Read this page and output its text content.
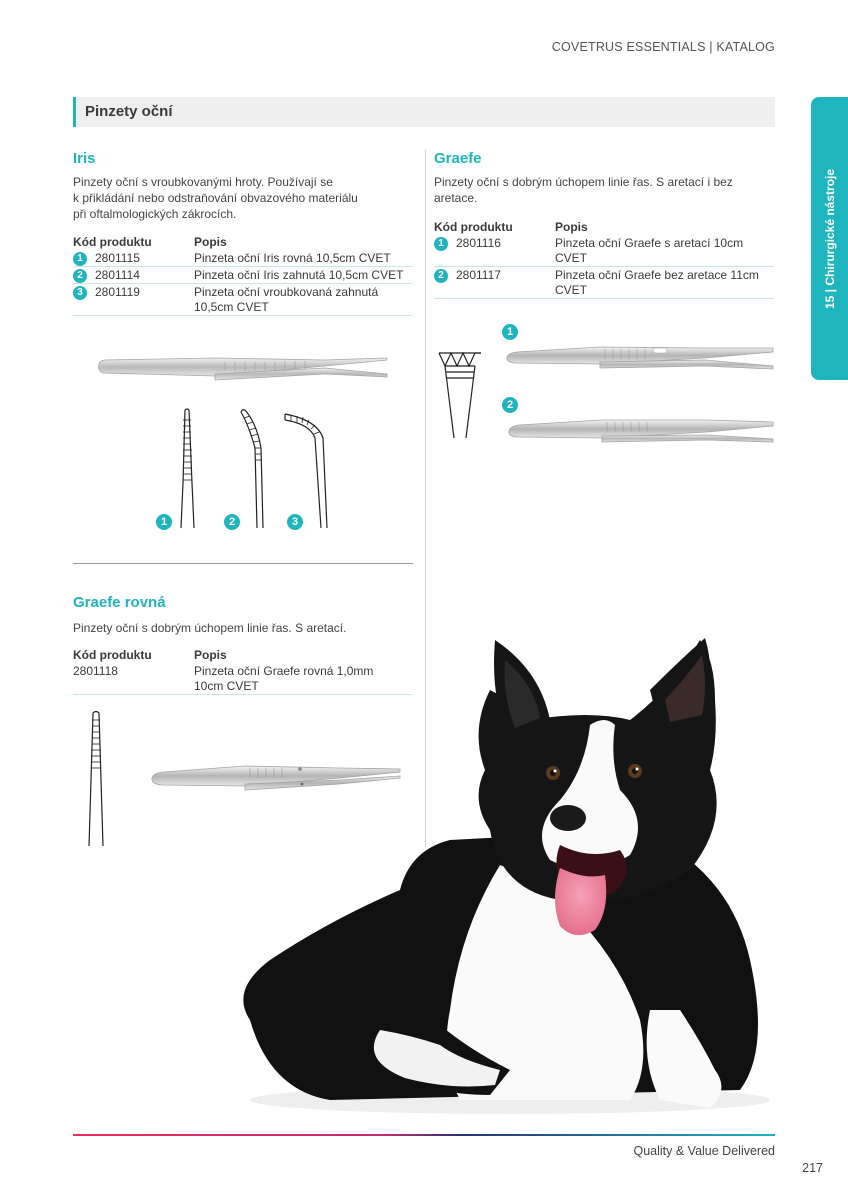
COVETRUS ESSENTIALS | KATALOG
Pinzety oční
15 | Chirurgické nástroje
Iris
Pinzety oční s vroubkovanými hroty. Používají se
k přikládání nebo odstraňování obvazového materiálu
při oftalmologických zákrocích.
Kód produktu	Popis
1	2801115	Pinzeta oční Iris rovná 10,5cm CVET
2	2801114	Pinzeta oční Iris zahnutá 10,5cm CVET
3	2801119	Pinzeta oční vroubkovaná zahnutá
10,5cm CVET
1	2	3
Graefe
Pinzety oční s dobrým úchopem linie řas. S aretací i bez
aretace.
Kód produktu	Popis
1	2801116	Pinzeta oční Graefe s aretací 10cm
CVET
2	2801117	Pinzeta oční Graefe bez aretace 11cm
CVET
1
2
Graefe rovná
Pinzety oční s dobrým úchopem linie řas. S aretací.
Kód produktu	Popis
2801118	Pinzeta oční Graefe rovná 1,0mm
10cm CVET
Quality & Value Delivered
217
